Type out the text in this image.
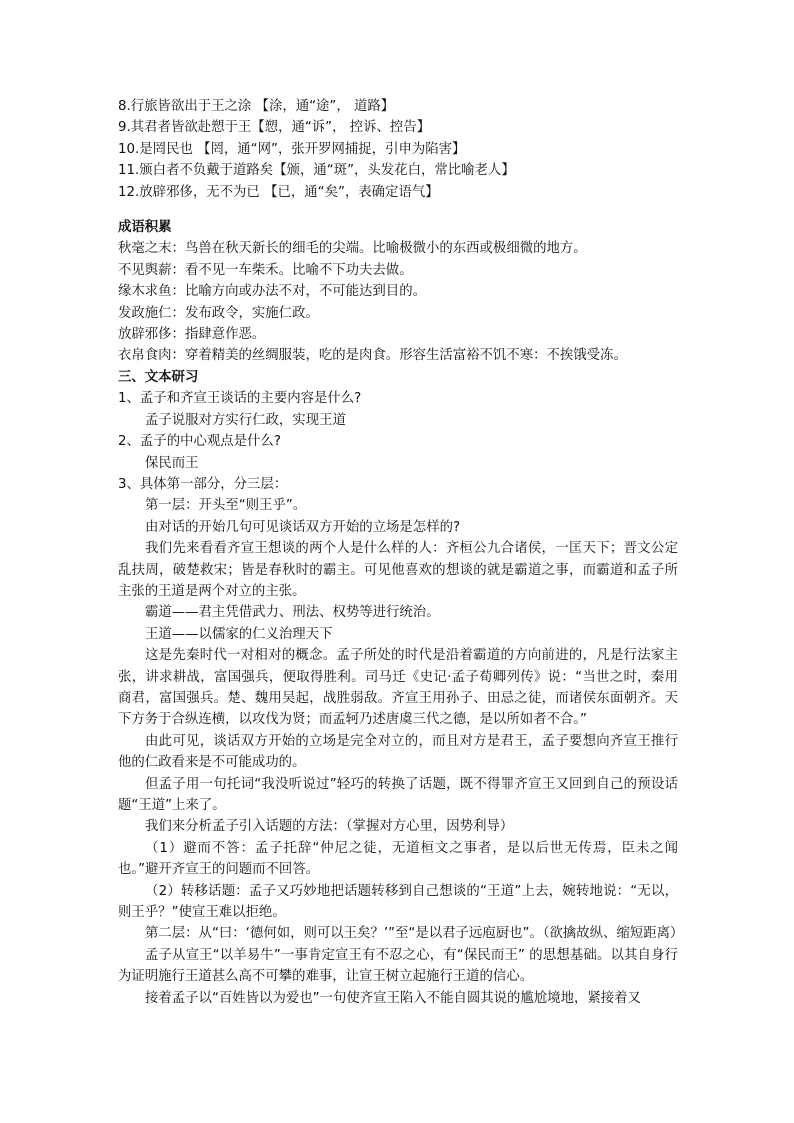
8.行旅皆欲出于王之涂 【涂，通“途”， 道路】

9.其君者皆欲赴愬于王【愬，通“诉”， 控诉、控告】

10.是罔民也 【罔，通“网”，张开罗网捕捉，引申为陷害】

11.颁白者不负戴于道路矣【颁，通“斑”，头发花白，常比喻老人】

12.放辟邪侈，无不为已 【已，通“矣”，表确定语气】

成语积累

秋毫之末：鸟兽在秋天新长的细毛的尖端。比喻极微小的东西或极细微的地方。

不见舆薪：看不见一车柴禾。比喻不下功夫去做。

缘木求鱼：比喻方向或办法不对，不可能达到目的。

发政施仁：发布政令，实施仁政。

放辟邪侈：指肆意作恶。

衣帛食肉：穿着精美的丝绸服装，吃的是肉食。形容生活富裕不饥不寒：不挨饿受冻。

三、文本研习

1、孟子和齐宣王谈话的主要内容是什么?

孟子说服对方实行仁政，实现王道

2、孟子的中心观点是什么?

保民而王

3、具体第一部分，分三层：

第一层：开头至“则王乎”。

由对话的开始几句可见谈话双方开始的立场是怎样的?

我们先来看看齐宣王想谈的两个人是什么样的人：齐桓公九合诸侯，一匡天下；晋文公定乱扶周，破楚救宋；皆是春秋时的霸主。可见他喜欢的想谈的就是霸道之事，而霸道和孟子所主张的王道是两个对立的主张。

霸道——君主凭借武力、刑法、权势等进行统治。

王道——以儒家的仁义治理天下

这是先秦时代一对相对的概念。孟子所处的时代是沿着霸道的方向前进的，凡是行法家主张，讲求耕战，富国强兵，便取得胜利。司马迁《史记·孟子荀卿列传》说：“当世之时，秦用商君，富国强兵。楚、魏用吴起，战胜弱敌。齐宣王用孙子、田忌之徒，而诸侯东面朝齐。天下方务于合纵连横，以攻伐为贤；而孟轲乃述唐虞三代之德，是以所如者不合。”

由此可见，谈话双方开始的立场是完全对立的，而且对方是君王，孟子要想向齐宣王推行他的仁政看来是不可能成功的。

但孟子用一句托词“我没听说过”轻巧的转换了话题，既不得罪齐宣王又回到自己的预设话题“王道”上来了。

我们来分析孟子引入话题的方法：（掌握对方心里，因势利导）

（1）避而不答：孟子托辞“仲尼之徒，无道桓文之事者，是以后世无传焉，臣未之闻也。”避开齐宣王的问题而不回答。

（2）转移话题：孟子又巧妙地把话题转移到自己想谈的“王道”上去，婉转地说：“无以，则王乎？”使宣王难以拒绝。

第二层：从“曰：‘德何如，则可以王矣？’”至“是以君子远庖厨也”。（欲擒故纵、缩短距离）

孟子从宣王“以羊易牛”一事肯定宣王有不忍之心，有“保民而王” 的思想基础。以其自身行为证明施行王道甚么高不可攀的难事，让宣王树立起施行王道的信心。

接着孟子以“百姓皆以为爱也”一句使齐宣王陷入不能自圆其说的尴尬境地，紧接着又
